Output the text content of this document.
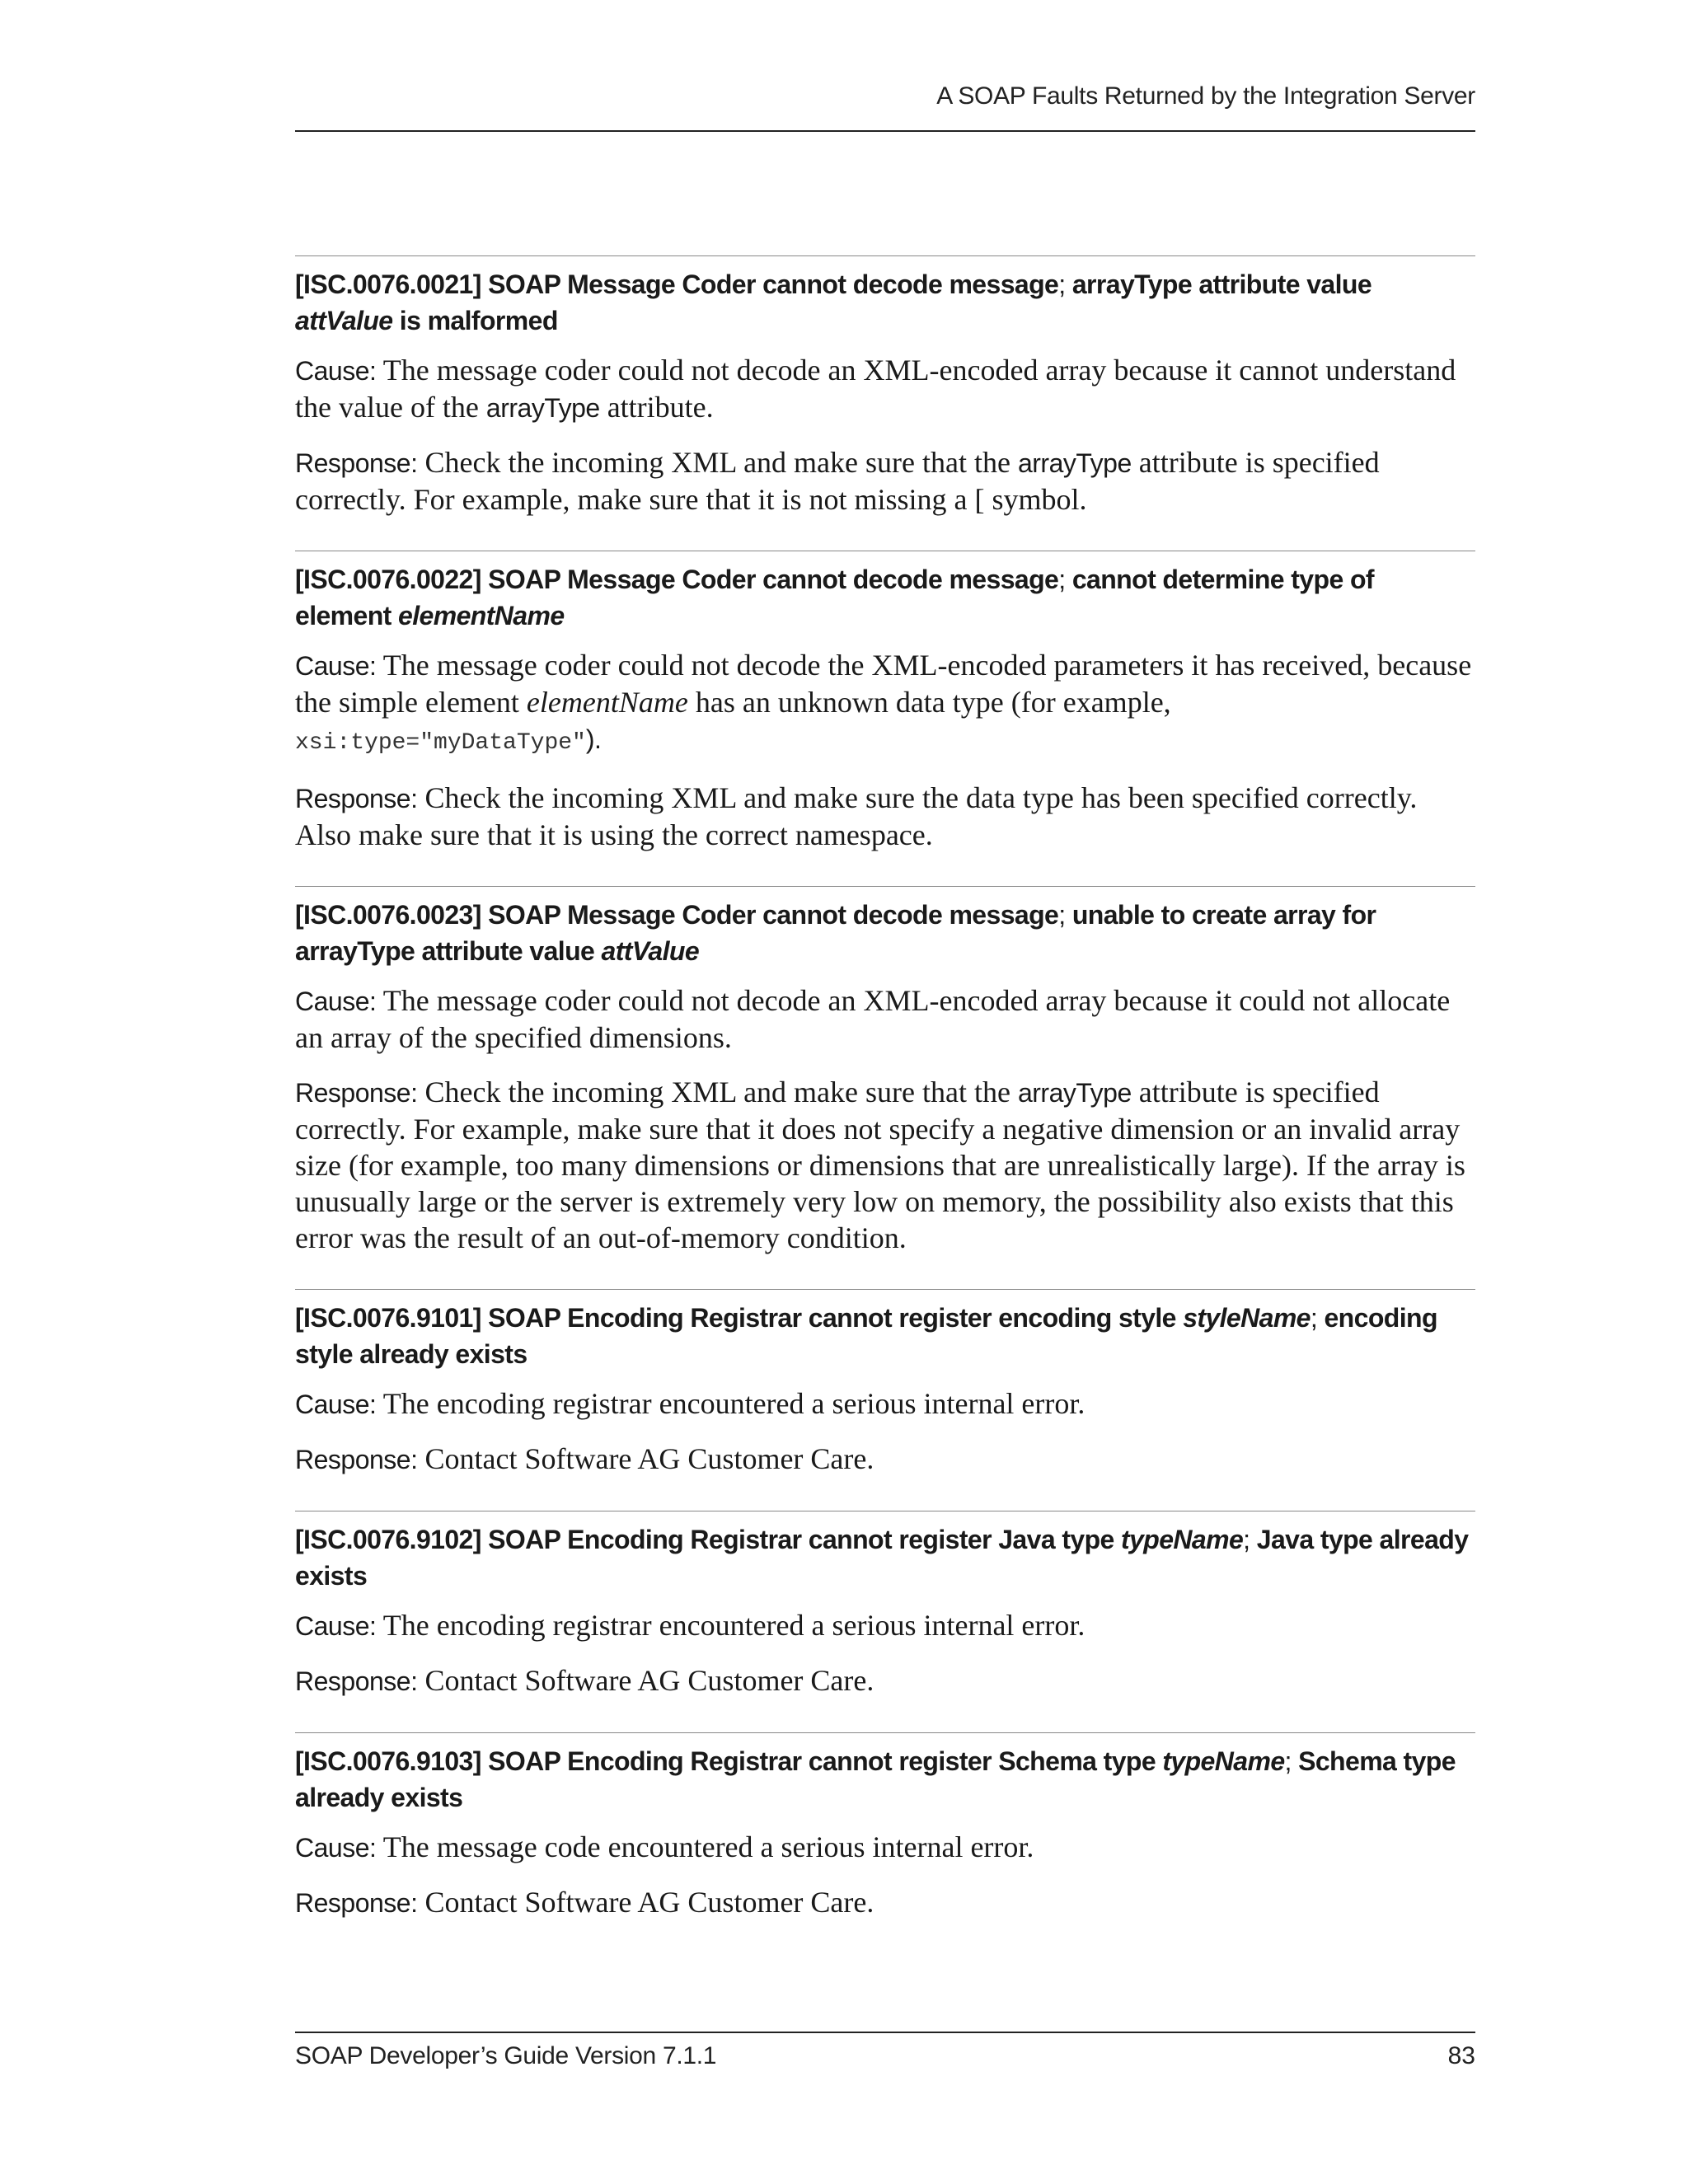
A SOAP Faults Returned by the Integration Server
[ISC.0076.0021] SOAP Message Coder cannot decode message; arrayType attribute value attValue is malformed

Cause: The message coder could not decode an XML-encoded array because it cannot understand the value of the arrayType attribute.

Response: Check the incoming XML and make sure that the arrayType attribute is specified correctly. For example, make sure that it is not missing a [ symbol.

[ISC.0076.0022] SOAP Message Coder cannot decode message; cannot determine type of element elementName

Cause: The message coder could not decode the XML-encoded parameters it has received, because the simple element elementName has an unknown data type (for example, xsi:type="myDataType").

Response: Check the incoming XML and make sure the data type has been specified correctly. Also make sure that it is using the correct namespace.

[ISC.0076.0023] SOAP Message Coder cannot decode message; unable to create array for arrayType attribute value attValue

Cause: The message coder could not decode an XML-encoded array because it could not allocate an array of the specified dimensions.

Response: Check the incoming XML and make sure that the arrayType attribute is specified correctly. For example, make sure that it does not specify a negative dimension or an invalid array size (for example, too many dimensions or dimensions that are unrealistically large). If the array is unusually large or the server is extremely very low on memory, the possibility also exists that this error was the result of an out-of-memory condition.

[ISC.0076.9101] SOAP Encoding Registrar cannot register encoding style styleName; encoding style already exists

Cause: The encoding registrar encountered a serious internal error.

Response: Contact Software AG Customer Care.

[ISC.0076.9102] SOAP Encoding Registrar cannot register Java type typeName; Java type already exists

Cause: The encoding registrar encountered a serious internal error.

Response: Contact Software AG Customer Care.

[ISC.0076.9103] SOAP Encoding Registrar cannot register Schema type typeName; Schema type already exists

Cause: The message code encountered a serious internal error.

Response: Contact Software AG Customer Care.

SOAP Developer’s Guide Version 7.1.1	83
